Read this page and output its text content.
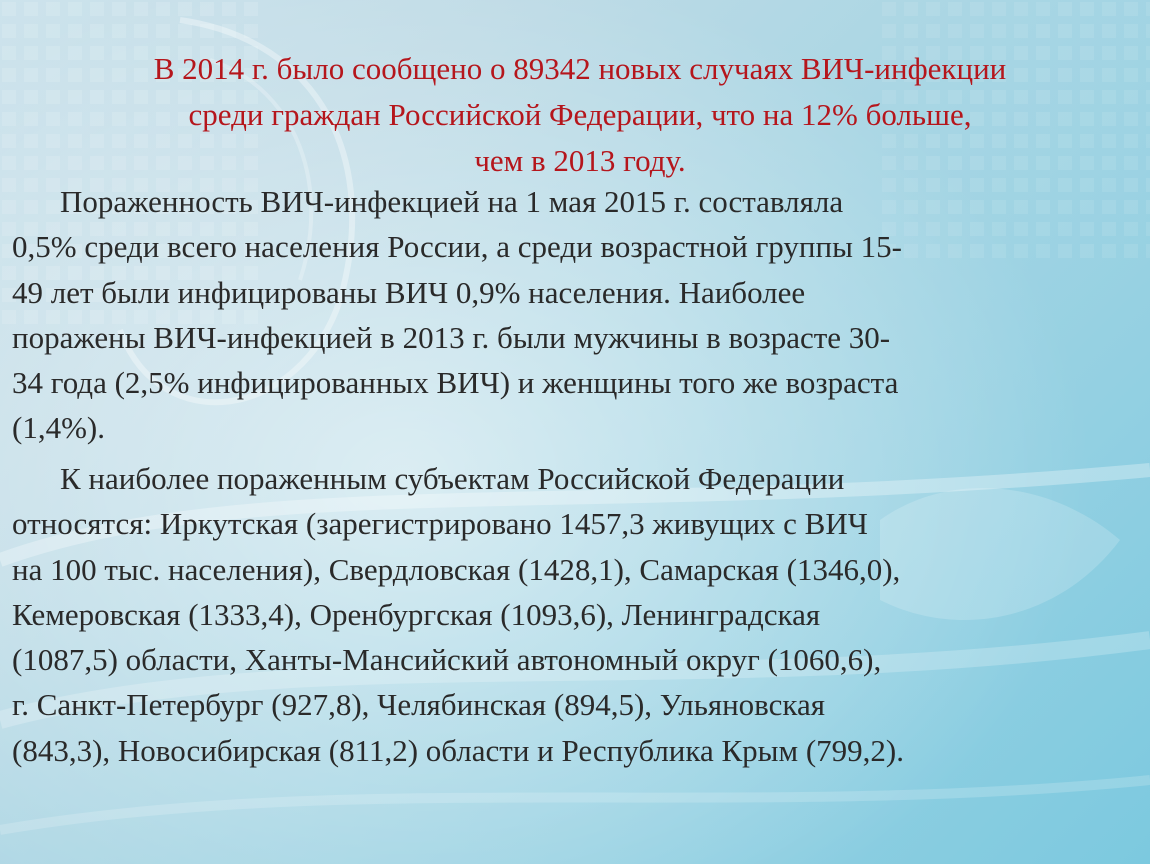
В 2014 г. было сообщено о 89342 новых случаях ВИЧ-инфекции
среди граждан Российской Федерации, что на 12% больше,
чем в 2013 году.

Пораженность ВИЧ-инфекцией на 1 мая 2015 г. составляла
0,5% среди всего населения России, а среди возрастной группы 15-
49 лет были инфицированы ВИЧ 0,9% населения. Наиболее
поражены ВИЧ-инфекцией в 2013 г. были мужчины в возрасте 30-
34 года (2,5% инфицированных ВИЧ) и женщины того же возраста
(1,4%).

К наиболее пораженным субъектам Российской Федерации
относятся: Иркутская (зарегистрировано 1457,3 живущих с ВИЧ
на 100 тыс. населения), Свердловская (1428,1), Самарская (1346,0),
Кемеровская (1333,4), Оренбургская (1093,6), Ленинградская
(1087,5) области, Ханты-Мансийский автономный округ (1060,6),
г. Санкт-Петербург (927,8), Челябинская (894,5), Ульяновская
(843,3), Новосибирская (811,2) области и Республика Крым (799,2).
